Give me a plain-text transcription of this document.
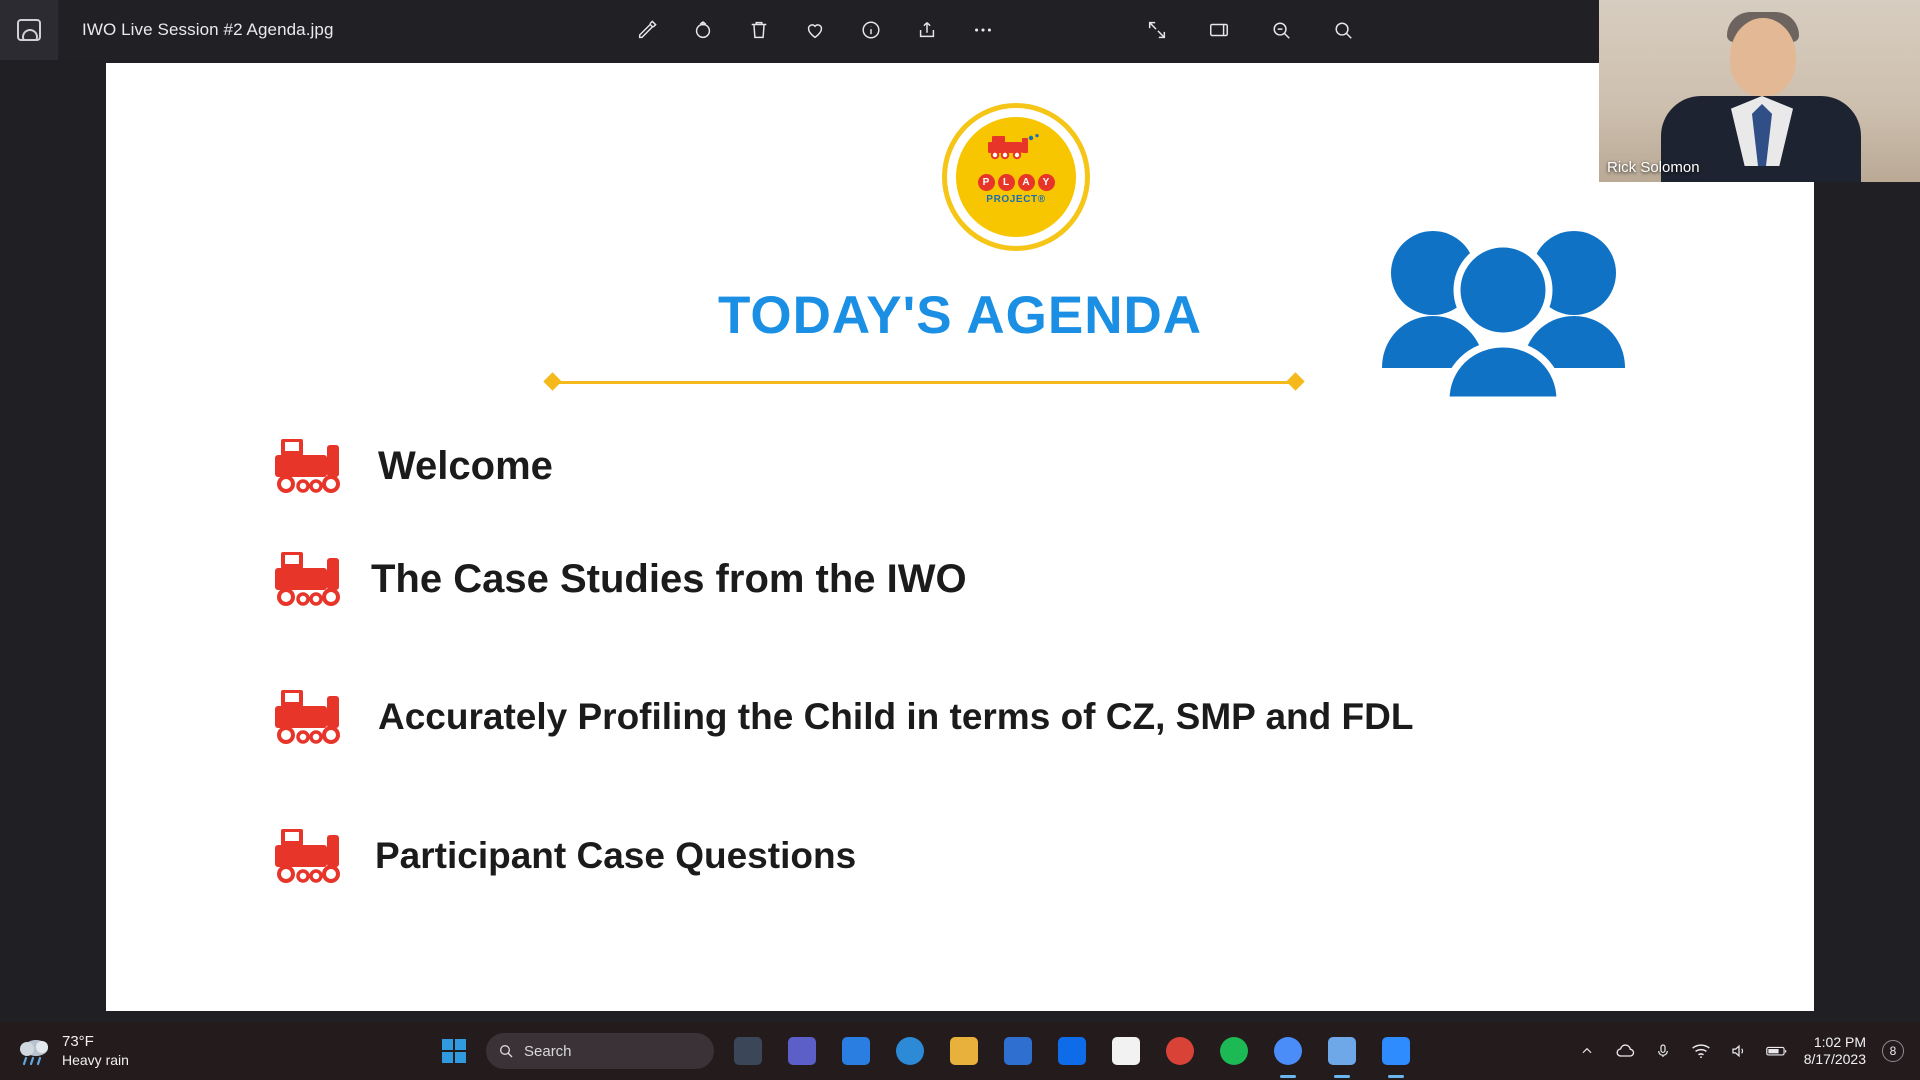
IWO Live Session #2 Agenda.jpg
P	L	A	Y
PROJECT®
TODAY'S AGENDA
Welcome
The Case Studies from the IWO
Accurately Profiling the Child in terms of CZ, SMP and FDL
Participant Case Questions
Rick Solomon
73°F
Heavy rain
Search
1:02 PM
8/17/2023	8
